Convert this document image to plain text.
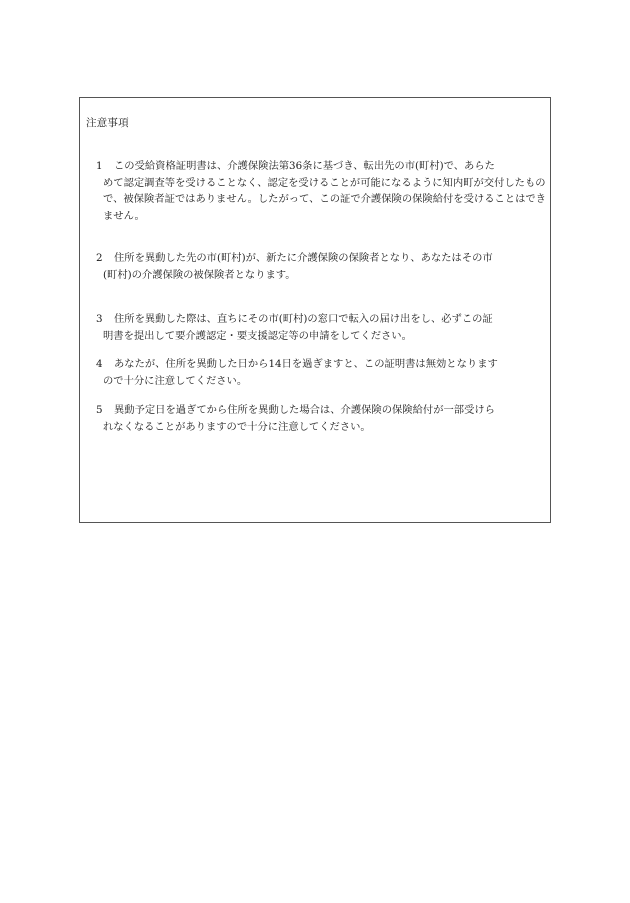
注意事項

1 この受給資格証明書は、介護保険法第36条に基づき、転出先の市(町村)で、あらた
めて認定調査等を受けることなく、認定を受けることが可能になるように知内町が交付したもので、被保険者証ではありません。したがって、この証で介護保険の保険給付を受けることはできません。

2 住所を異動した先の市(町村)が、新たに介護保険の保険者となり、あなたはその市
(町村)の介護保険の被保険者となります。

3 住所を異動した際は、直ちにその市(町村)の窓口で転入の届け出をし、必ずこの証
明書を提出して要介護認定・要支援認定等の申請をしてください。

4 あなたが、住所を異動した日から14日を過ぎますと、この証明書は無効となります
ので十分に注意してください。

5 異動予定日を過ぎてから住所を異動した場合は、介護保険の保険給付が一部受けら
れなくなることがありますので十分に注意してください。
